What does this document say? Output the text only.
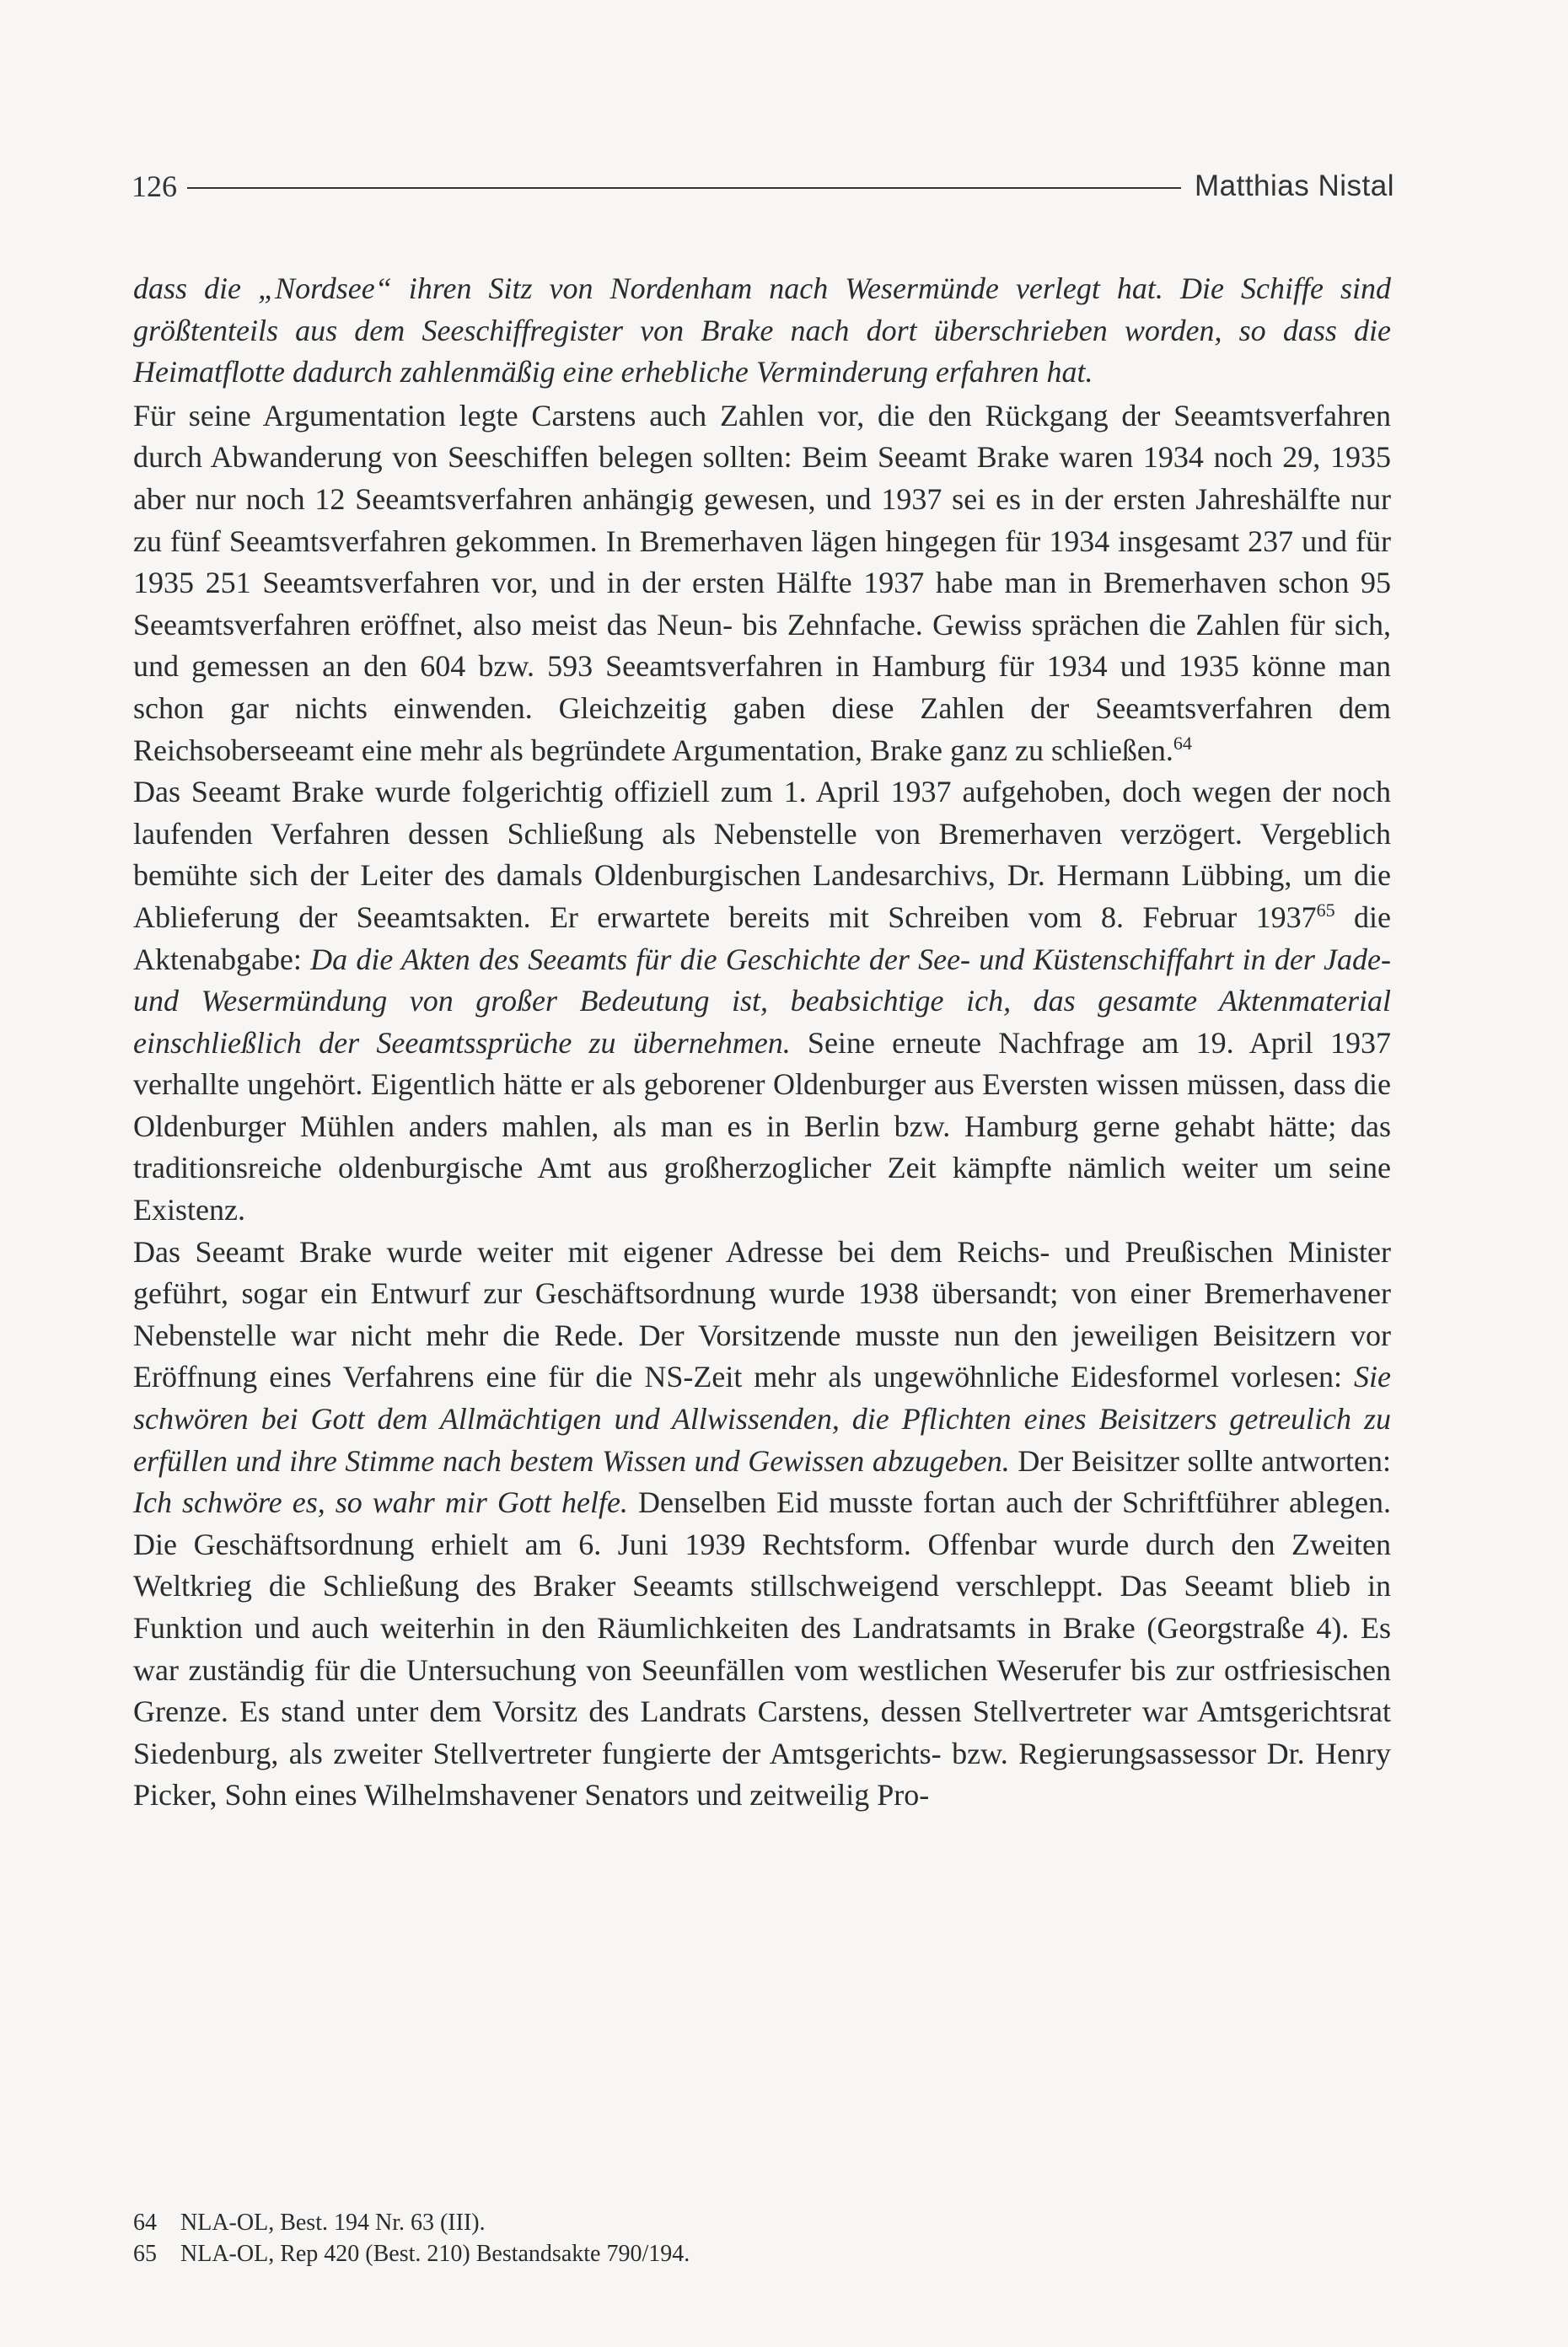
126	Matthias Nistal

dass die „Nordsee“ ihren Sitz von Nordenham nach Wesermünde verlegt hat. Die Schiffe sind größtenteils aus dem Seeschiffregister von Brake nach dort überschrieben worden, so dass die Heimatflotte dadurch zahlenmäßig eine erhebliche Verminderung erfahren hat.

Für seine Argumentation legte Carstens auch Zahlen vor, die den Rückgang der Seeamtsverfahren durch Abwanderung von Seeschiffen belegen sollten: Beim Seeamt Brake waren 1934 noch 29, 1935 aber nur noch 12 Seeamtsverfahren anhängig gewesen, und 1937 sei es in der ersten Jahreshälfte nur zu fünf Seeamtsverfahren gekommen. In Bremerhaven lägen hingegen für 1934 insgesamt 237 und für 1935 251 Seeamtsverfahren vor, und in der ersten Hälfte 1937 habe man in Bremerhaven schon 95 Seeamtsverfahren eröffnet, also meist das Neun- bis Zehnfache. Gewiss sprächen die Zahlen für sich, und gemessen an den 604 bzw. 593 Seeamtsverfahren in Hamburg für 1934 und 1935 könne man schon gar nichts einwenden. Gleichzeitig gaben diese Zahlen der Seeamtsverfahren dem Reichsoberseeamt eine mehr als begründete Argumentation, Brake ganz zu schließen.$^{64}$

Das Seeamt Brake wurde folgerichtig offiziell zum 1. April 1937 aufgehoben, doch wegen der noch laufenden Verfahren dessen Schließung als Nebenstelle von Bremerhaven verzögert. Vergeblich bemühte sich der Leiter des damals Oldenburgischen Landesarchivs, Dr. Hermann Lübbing, um die Ablieferung der Seeamtsakten. Er erwartete bereits mit Schreiben vom 8. Februar 1937$^{65}$ die Aktenabgabe: Da die Akten des Seeamts für die Geschichte der See- und Küstenschiffahrt in der Jade- und Wesermündung von großer Bedeutung ist, beabsichtige ich, das gesamte Aktenmaterial einschließlich der Seeamtssprüche zu übernehmen. Seine erneute Nachfrage am 19. April 1937 verhallte ungehört. Eigentlich hätte er als geborener Oldenburger aus Eversten wissen müssen, dass die Oldenburger Mühlen anders mahlen, als man es in Berlin bzw. Hamburg gerne gehabt hätte; das traditionsreiche oldenburgische Amt aus großherzoglicher Zeit kämpfte nämlich weiter um seine Existenz.

Das Seeamt Brake wurde weiter mit eigener Adresse bei dem Reichs- und Preußischen Minister geführt, sogar ein Entwurf zur Geschäftsordnung wurde 1938 übersandt; von einer Bremerhavener Nebenstelle war nicht mehr die Rede. Der Vorsitzende musste nun den jeweiligen Beisitzern vor Eröffnung eines Verfahrens eine für die NS-Zeit mehr als ungewöhnliche Eidesformel vorlesen: Sie schwören bei Gott dem Allmächtigen und Allwissenden, die Pflichten eines Beisitzers getreulich zu erfüllen und ihre Stimme nach bestem Wissen und Gewissen abzugeben. Der Beisitzer sollte antworten: Ich schwöre es, so wahr mir Gott helfe. Denselben Eid musste fortan auch der Schriftführer ablegen. Die Geschäftsordnung erhielt am 6. Juni 1939 Rechtsform. Offenbar wurde durch den Zweiten Weltkrieg die Schließung des Braker Seeamts stillschweigend verschleppt. Das Seeamt blieb in Funktion und auch weiterhin in den Räumlichkeiten des Landratsamts in Brake (Georgstraße 4). Es war zuständig für die Untersuchung von Seeunfällen vom westlichen Weserufer bis zur ostfriesischen Grenze. Es stand unter dem Vorsitz des Landrats Carstens, dessen Stellvertreter war Amtsgerichtsrat Siedenburg, als zweiter Stellvertreter fungierte der Amtsgerichts- bzw. Regierungsassessor Dr. Henry Picker, Sohn eines Wilhelmshavener Senators und zeitweilig Pro-

64	NLA-OL, Best. 194 Nr. 63 (III).
65	NLA-OL, Rep 420 (Best. 210) Bestandsakte 790/194.
